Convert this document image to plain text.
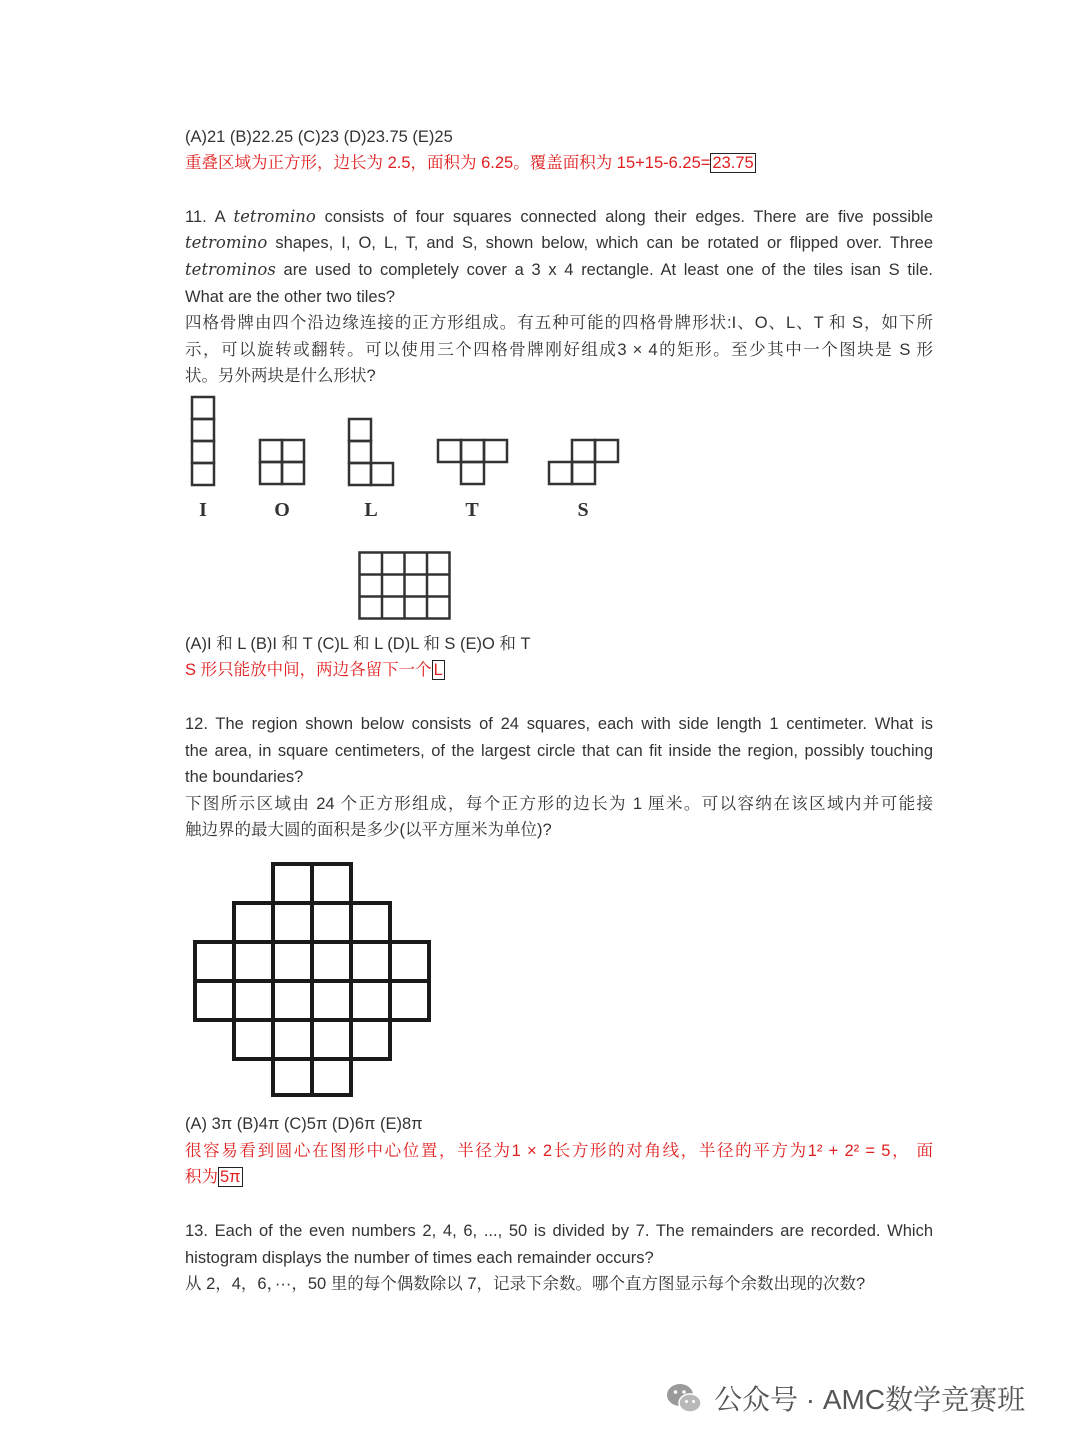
(A)21 (B)22.25 (C)23 (D)23.75 (E)25
重叠区域为正方形，边长为 2.5，面积为 6.25。覆盖面积为 15+15-6.25= 23.75
11. A tetromino consists of four squares connected along their edges. There are five possible
tetromino shapes, I, O, L, T, and S, shown below, which can be rotated or flipped over. Three
tetrominos are used to completely cover a 3 x 4 rectangle. At least one of the tiles isan S tile.
What are the other two tiles?
四格骨牌由四个沿边缘连接的正方形组成。有五种可能的四格骨牌形状:I、O、L、T 和 S，如下所
示，可以旋转或翻转。可以使用三个四格骨牌刚好组成3 × 4的矩形。至少其中一个图块是 S 形
状。另外两块是什么形状?
I	O	L	T	S
(A)I 和 L (B)I 和 T (C)L 和 L (D)L 和 S (E)O 和 T
S 形只能放中间，两边各留下一个 L
12. The region shown below consists of 24 squares, each with side length 1 centimeter. What is
the area, in square centimeters, of the largest circle that can fit inside the region, possibly touching
the boundaries?
下图所示区域由 24 个正方形组成，每个正方形的边长为 1 厘米。可以容纳在该区域内并可能接
触边界的最大圆的面积是多少(以平方厘米为单位)?
(A) 3π (B)4π (C)5π (D)6π (E)8π
很容易看到圆心在图形中心位置，半径为1 × 2长方形的对角线，半径的平方为1² + 2² = 5， 面
积为 5π
13. Each of the even numbers 2, 4, 6, ..., 50 is divided by 7. The remainders are recorded. Which
histogram displays the number of times each remainder occurs?
从 2，4，6，···，50 里的每个偶数除以 7，记录下余数。哪个直方图显示每个余数出现的次数?
公众号 · AMC数学竞赛班
